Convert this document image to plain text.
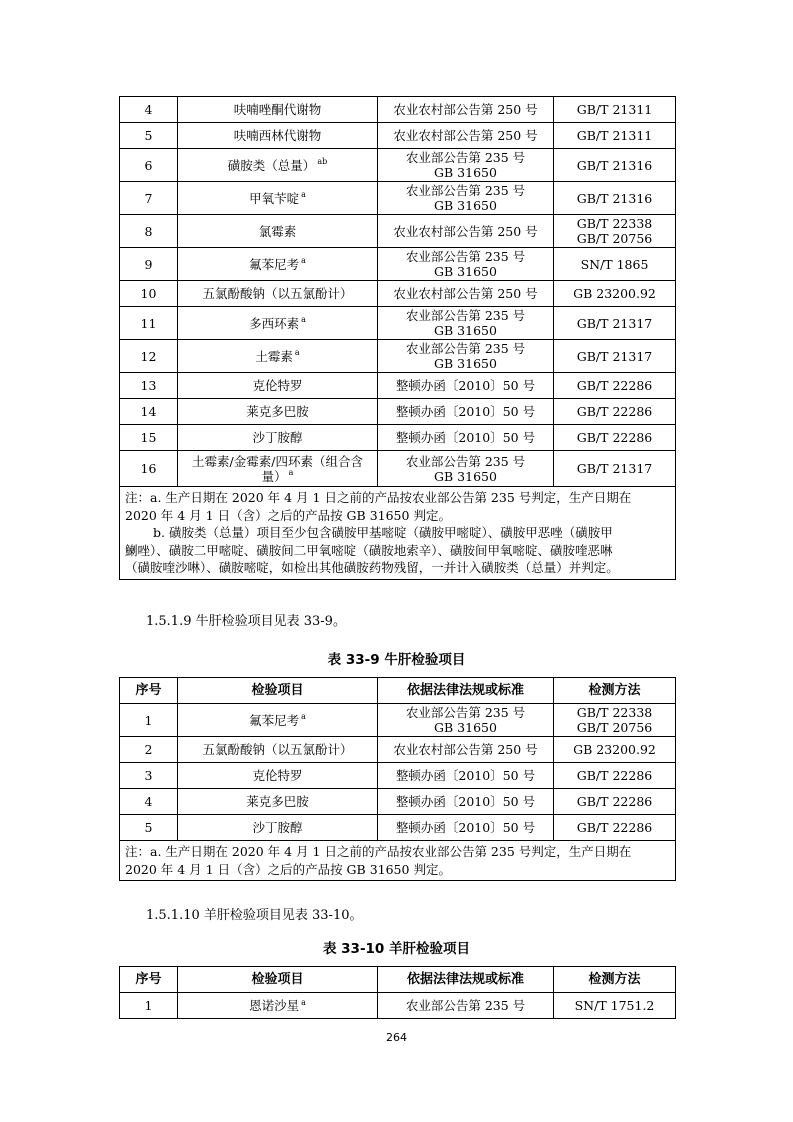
4	呋喃唑酮代谢物	农业农村部公告第 250 号	GB/T 21311

5	呋喃西林代谢物	农业农村部公告第 250 号	GB/T 21311

6	磺胺类（总量） $^{ab}$	农业部公告第 235 号
GB 31650	GB/T 21316

7	甲氧苄啶 $^a$	农业部公告第 235 号
GB 31650	GB/T 21316

8	氯霉素	农业农村部公告第 250 号	GB/T 22338
GB/T 20756

9	氟苯尼考 $^a$	农业部公告第 235 号
GB 31650	SN/T 1865

10	五氯酚酸钠（以五氯酚计）	农业农村部公告第 250 号	GB 23200.92

11	多西环素 $^a$	农业部公告第 235 号
GB 31650	GB/T 21317

12	土霉素 $^a$	农业部公告第 235 号
GB 31650	GB/T 21317

13	克伦特罗	整顿办函〔2010〕50 号	GB/T 22286

14	莱克多巴胺	整顿办函〔2010〕50 号	GB/T 22286

15	沙丁胺醇	整顿办函〔2010〕50 号	GB/T 22286

16	土霉素/金霉素/四环素（组合含
量） $^a$	农业部公告第 235 号
GB 31650	GB/T 21317

注：a. 生产日期在 2020 年 4 月 1 日之前的产品按农业部公告第 235 号判定，生产日期在
2020 年 4 月 1 日（含）之后的产品按 GB 31650 判定。
b. 磺胺类（总量）项目至少包含磺胺甲基嘧啶（磺胺甲嘧啶）、磺胺甲恶唑（磺胺甲
鯻唑）、磺胺二甲嘧啶、磺胺间二甲氧嘧啶（磺胺地索辛）、磺胺间甲氧嘧啶、磺胺喹恶啉
（磺胺喹沙啉）、磺胺嘧啶，如检出其他磺胺药物残留，一并计入磺胺类（总量）并判定。			
1.5.1.9 牛肝检验项目见表 33-9。
表 33-9 牛肝检验项目
序号	检验项目	依据法律法规或标准	检测方法
1	氟苯尼考 $^a$	农业部公告第 235 号
GB 31650	GB/T 22338
GB/T 20756

2	五氯酚酸钠（以五氯酚计）	农业农村部公告第 250 号	GB 23200.92

3	克伦特罗	整顿办函〔2010〕50 号	GB/T 22286

4	莱克多巴胺	整顿办函〔2010〕50 号	GB/T 22286

5	沙丁胺醇	整顿办函〔2010〕50 号	GB/T 22286

注：a. 生产日期在 2020 年 4 月 1 日之前的产品按农业部公告第 235 号判定，生产日期在
2020 年 4 月 1 日（含）之后的产品按 GB 31650 判定。			
1.5.1.10 羊肝检验项目见表 33-10。
表 33-10 羊肝检验项目
序号	检验项目	依据法律法规或标准	检测方法
1	恩诺沙星 $^a$	农业部公告第 235 号	SN/T 1751.2
264
